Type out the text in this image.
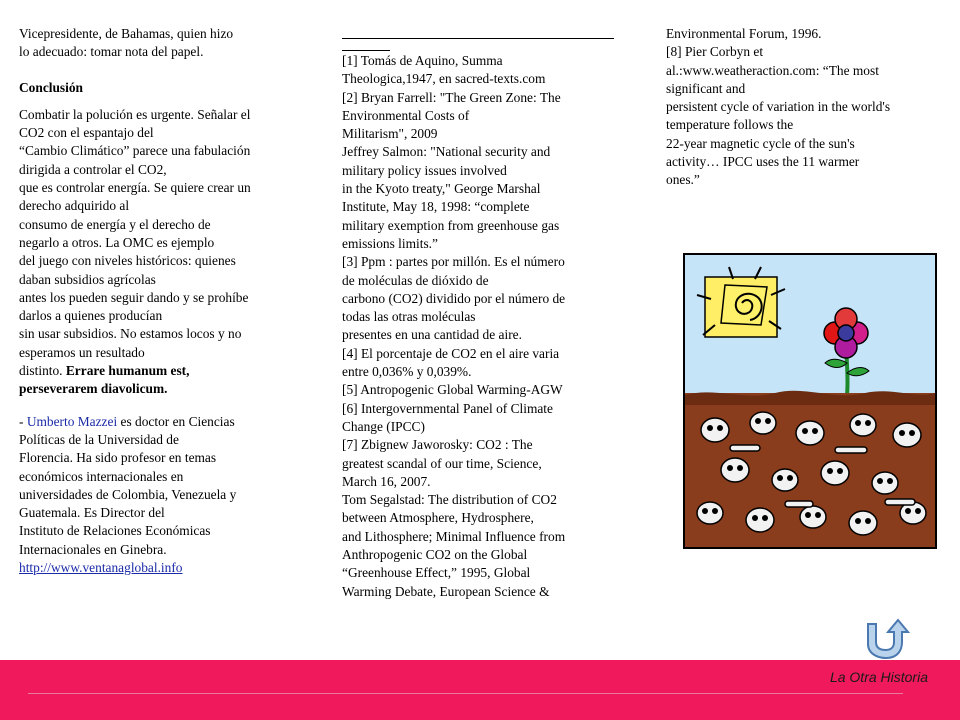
Vicepresidente, de Bahamas, quien hizo
lo adecuado: tomar nota del papel.
Conclusión
Combatir la polución es urgente. Señalar el
CO2 con el espantajo del
“Cambio Climático” parece una fabulación
dirigida a controlar el CO2,
que es controlar energía. Se quiere crear un
derecho adquirido al
consumo de energía y el derecho de
negarlo a otros. La OMC es ejemplo
del juego con niveles históricos: quienes
daban subsidios agrícolas
antes los pueden seguir dando y se prohíbe
darlos a quienes producían
sin usar subsidios. No estamos locos y no
esperamos un resultado
distinto. Errare humanum est,
perseverarem diavolicum.
- Umberto Mazzei es doctor en Ciencias
Políticas de la Universidad de
Florencia. Ha sido profesor en temas
económicos internacionales en
universidades de Colombia, Venezuela y
Guatemala. Es Director del
Instituto de Relaciones Económicas
Internacionales en Ginebra.
http://www.ventanaglobal.info
[1] Tomás de Aquino, Summa
Theologica,1947, en sacred-texts.com
[2] Bryan Farrell: "The Green Zone: The
Environmental Costs of
Militarism", 2009
Jeffrey Salmon: "National security and
military policy issues involved
in the Kyoto treaty," George Marshal
Institute, May 18, 1998: “complete
military exemption from greenhouse gas
emissions limits.”
[3] Ppm : partes por millón. Es el número
de moléculas de dióxido de
carbono (CO2) dividido por el número de
todas las otras moléculas
presentes en una cantidad de aire.
[4] El porcentaje de CO2 en el aire varia
entre 0,036% y 0,039%.
[5] Antropogenic Global Warming-AGW
[6] Intergovernmental Panel of Climate
Change (IPCC)
[7] Zbignew Jaworosky: CO2 : The
greatest scandal of our time, Science,
March 16, 2007.
Tom Segalstad: The distribution of CO2
between Atmosphere, Hydrosphere,
and Lithosphere; Minimal Influence from
Anthropogenic CO2 on the Global
“Greenhouse Effect,” 1995, Global
Warming Debate, European Science &
Environmental Forum, 1996.
[8] Pier Corbyn et
al.:www.weatheraction.com: “The most
significant and
persistent cycle of variation in the world's
temperature follows the
22-year magnetic cycle of the sun's
activity… IPCC uses the 11 warmer
ones.”
La Otra Historia
